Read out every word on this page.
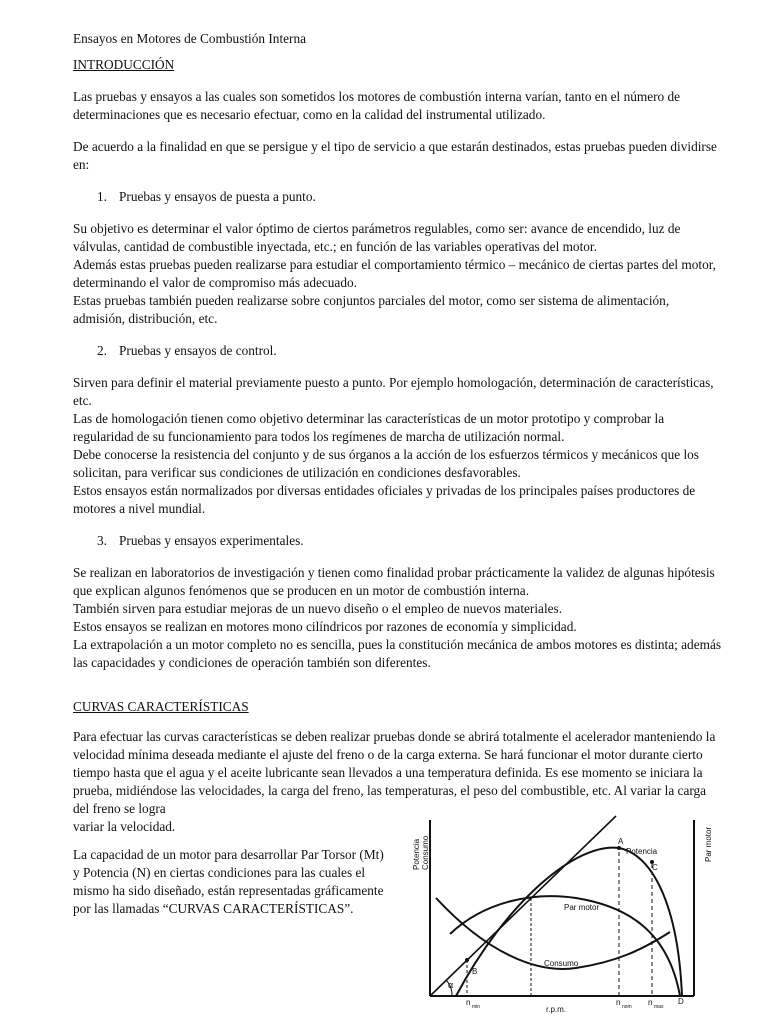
Ensayos en Motores de Combustión Interna

INTRODUCCIÓN

Las pruebas y ensayos a las cuales son sometidos los motores de combustión interna varían, tanto en el número de determinaciones que es necesario efectuar, como en la calidad del instrumental utilizado.

De acuerdo a la finalidad en que se persigue y el tipo de servicio a que estarán destinados, estas pruebas pueden dividirse en:

1. Pruebas y ensayos de puesta a punto.

Su objetivo es determinar el valor óptimo de ciertos parámetros regulables, como ser: avance de encendido, luz de válvulas, cantidad de combustible inyectada, etc.; en función de las variables operativas del motor.

Además estas pruebas pueden realizarse para estudiar el comportamiento térmico – mecánico de ciertas partes del motor, determinando el valor de compromiso más adecuado.

Estas pruebas también pueden realizarse sobre conjuntos parciales del motor, como ser sistema de alimentación, admisión, distribución, etc.

2. Pruebas y ensayos de control.

Sirven para definir el material previamente puesto a punto. Por ejemplo homologación, determinación de características, etc.

Las de homologación tienen como objetivo determinar las características de un motor prototipo y comprobar la regularidad de su funcionamiento para todos los regímenes de marcha de utilización normal.

Debe conocerse la resistencia del conjunto y de sus órganos a la acción de los esfuerzos térmicos y mecánicos que los solicitan, para verificar sus condiciones de utilización en condiciones desfavorables.

Estos ensayos están normalizados por diversas entidades oficiales y privadas de los principales países productores de motores a nivel mundial.

3. Pruebas y ensayos experimentales.

Se realizan en laboratorios de investigación y tienen como finalidad probar prácticamente la validez de algunas hipótesis que explican algunos fenómenos que se producen en un motor de combustión interna.

También sirven para estudiar mejoras de un nuevo diseño o el empleo de nuevos materiales.

Estos ensayos se realizan en motores mono cilíndricos por razones de economía y simplicidad.

La extrapolación a un motor completo no es sencilla, pues la constitución mecánica de ambos motores es distinta; además las capacidades y condiciones de operación también son diferentes.

CURVAS CARACTERÍSTICAS

Para efectuar las curvas características se deben realizar pruebas donde se abrirá totalmente el acelerador manteniendo la velocidad mínima deseada mediante el ajuste del freno o de la carga externa. Se hará funcionar el motor durante cierto tiempo hasta que el agua y el aceite lubricante sean llevados a una temperatura definida. Es ese momento se iniciara la prueba, midiéndose las velocidades, la carga del freno, las temperaturas, el peso del combustible, etc. Al variar la carga del freno se logra
variar la velocidad.

La capacidad de un motor para desarrollar Par Torsor (Mt) y Potencia (N) en ciertas condiciones para las cuales el mismo ha sido diseñado, están representadas gráficamente por las llamadas “CURVAS CARACTERÍSTICAS”.

Potencia Consumo	Par motor
r.p.m.
Potencia
Par motor
Consumo
A
B
C
D
α
n min	n nom n max
